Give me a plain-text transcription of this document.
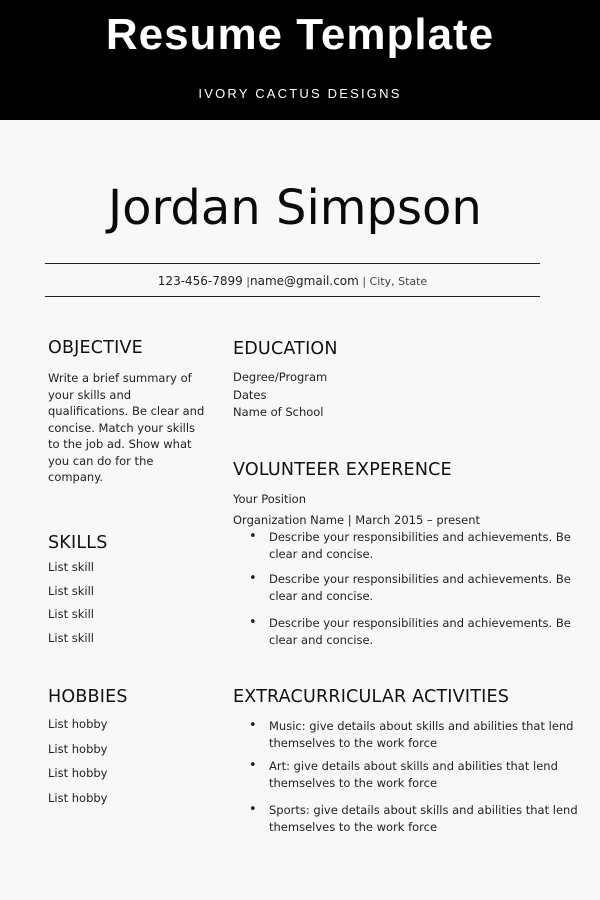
Resume Template
IVORY CACTUS DESIGNS
Jordan Simpson
123-456-7899 |name@gmail.com | City, State
OBJECTIVE
Write a brief summary of
your skills and
qualifications. Be clear and
concise. Match your skills
to the job ad. Show what
you can do for the
company.
SKILLS
List skill
List skill
List skill
List skill
HOBBIES
List hobby
List hobby
List hobby
List hobby
EDUCATION
Degree/Program
Dates
Name of School
VOLUNTEER EXPERENCE
Your Position
Organization Name | March 2015 – present
• Describe your responsibilities and achievements. Be
clear and concise.
• Describe your responsibilities and achievements. Be
clear and concise.
• Describe your responsibilities and achievements. Be
clear and concise.
EXTRACURRICULAR ACTIVITIES
• Music: give details about skills and abilities that lend
themselves to the work force
• Art: give details about skills and abilities that lend
themselves to the work force
• Sports: give details about skills and abilities that lend
themselves to the work force
